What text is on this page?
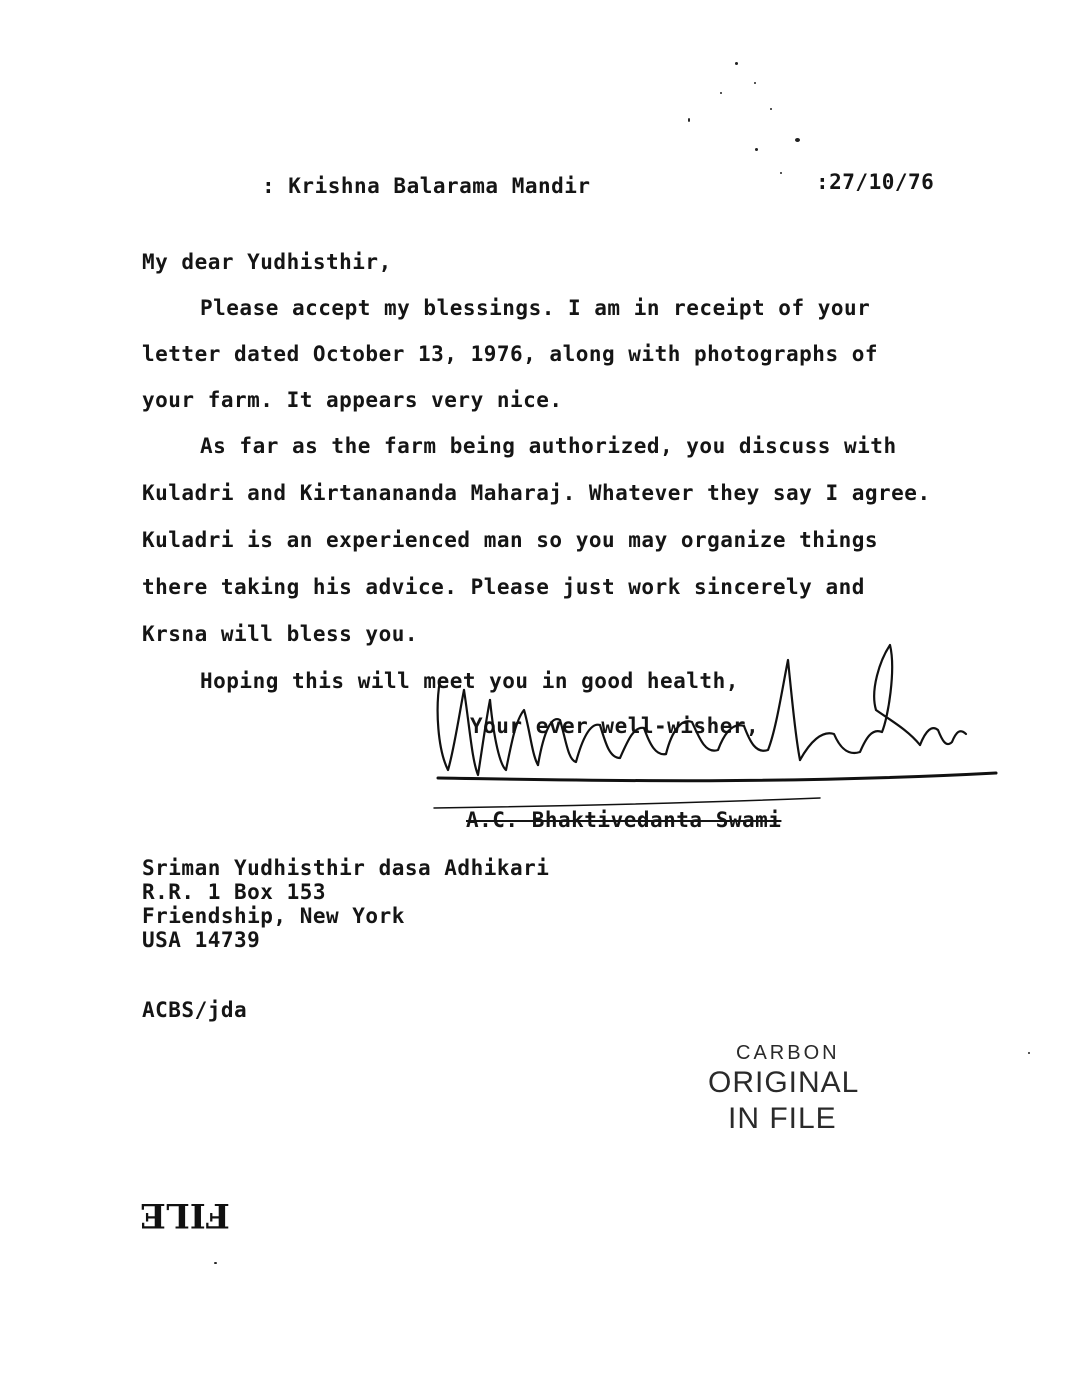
: Krishna Balarama Mandir	:27/10/76
My dear Yudhisthir,
Please accept my blessings. I am in receipt of your
letter dated October 13, 1976, along with photographs of
your farm. It appears very nice.
As far as the farm being authorized, you discuss with
Kuladri and Kirtanananda Maharaj. Whatever they say I agree.
Kuladri is an experienced man so you may organize things
there taking his advice. Please just work sincerely and
Krsna will bless you.
Hoping this will meet you in good health,
Your ever well-wisher,
A.C. Bhaktivedanta Swami
Sriman Yudhisthir dasa Adhikari
R.R. 1 Box 153
Friendship, New York
USA 14739
ACBS/jda
CARBON
ORIGINAL
IN FILE
FILE
